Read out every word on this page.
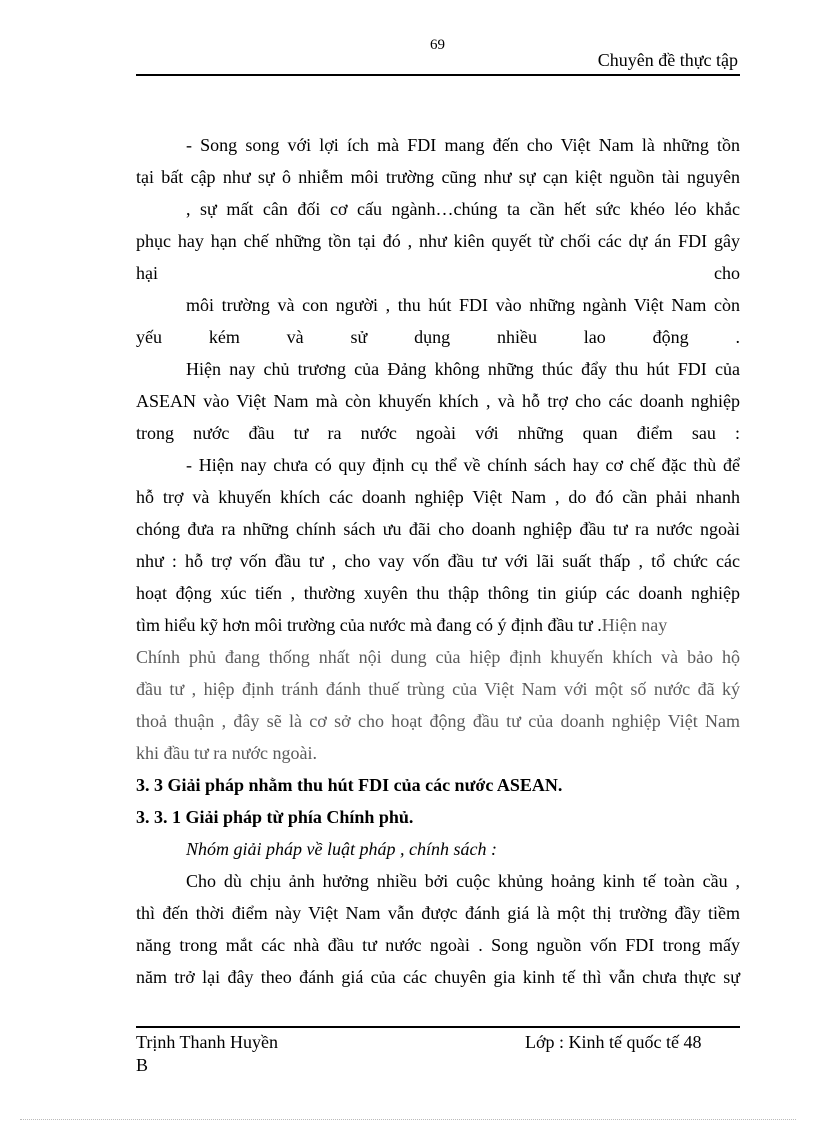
69
Chuyên đề thực tập
- Song song với lợi ích mà FDI mang đến cho Việt Nam là những tồn
tại bất cập như sự ô nhiễm môi trường cũng như sự cạn kiệt nguồn tài nguyên
, sự mất cân đối cơ cấu ngành…chúng ta cần hết sức khéo léo khắc
phục hay hạn chế những tồn tại đó , như kiên quyết từ chối các dự án FDI gây
hại	cho
môi trường và con người , thu hút FDI vào những ngành Việt Nam còn
yếu kém và sử dụng nhiều lao động .
Hiện nay chủ trương của Đảng không những thúc đẩy thu hút FDI của
ASEAN vào Việt Nam mà còn khuyến khích , và hỗ trợ cho các doanh nghiệp
trong nước đầu tư ra nước ngoài với những quan điểm sau :
- Hiện nay chưa có quy định cụ thể về chính sách hay cơ chế đặc thù để
hỗ trợ và khuyến khích các doanh nghiệp Việt Nam , do đó cần phải nhanh
chóng đưa ra những chính sách ưu đãi cho doanh nghiệp đầu tư ra nước ngoài
như : hỗ trợ vốn đầu tư , cho vay vốn đầu tư với lãi suất thấp , tổ chức các
hoạt động xúc tiến , thường xuyên thu thập thông tin giúp các doanh nghiệp
tìm hiểu kỹ hơn môi trường của nước mà đang có ý định đầu tư .Hiện nay
Chính phủ đang thống nhất nội dung của hiệp định khuyến khích và bảo hộ
đầu tư , hiệp định tránh đánh thuế trùng của Việt Nam với một số nước đã ký
thoả thuận , đây sẽ là cơ sở cho hoạt động đầu tư của doanh nghiệp Việt Nam
khi đầu tư ra nước ngoài.
3. 3 Giải pháp nhằm thu hút FDI của các nước ASEAN.
3. 3. 1 Giải pháp từ phía Chính phủ.
Nhóm giải pháp về luật pháp , chính sách :
Cho dù chịu ảnh hưởng nhiều bởi cuộc khủng hoảng kinh tế toàn cầu ,
thì đến thời điểm này Việt Nam vẫn được đánh giá là một thị trường đầy tiềm
năng trong mắt các nhà đầu tư nước ngoài . Song nguồn vốn FDI trong mấy
năm trở lại đây theo đánh giá của các chuyên gia kinh tế thì vẫn chưa thực sự
Trịnh Thanh Huyền
B
Lớp : Kinh tế quốc tế 48
